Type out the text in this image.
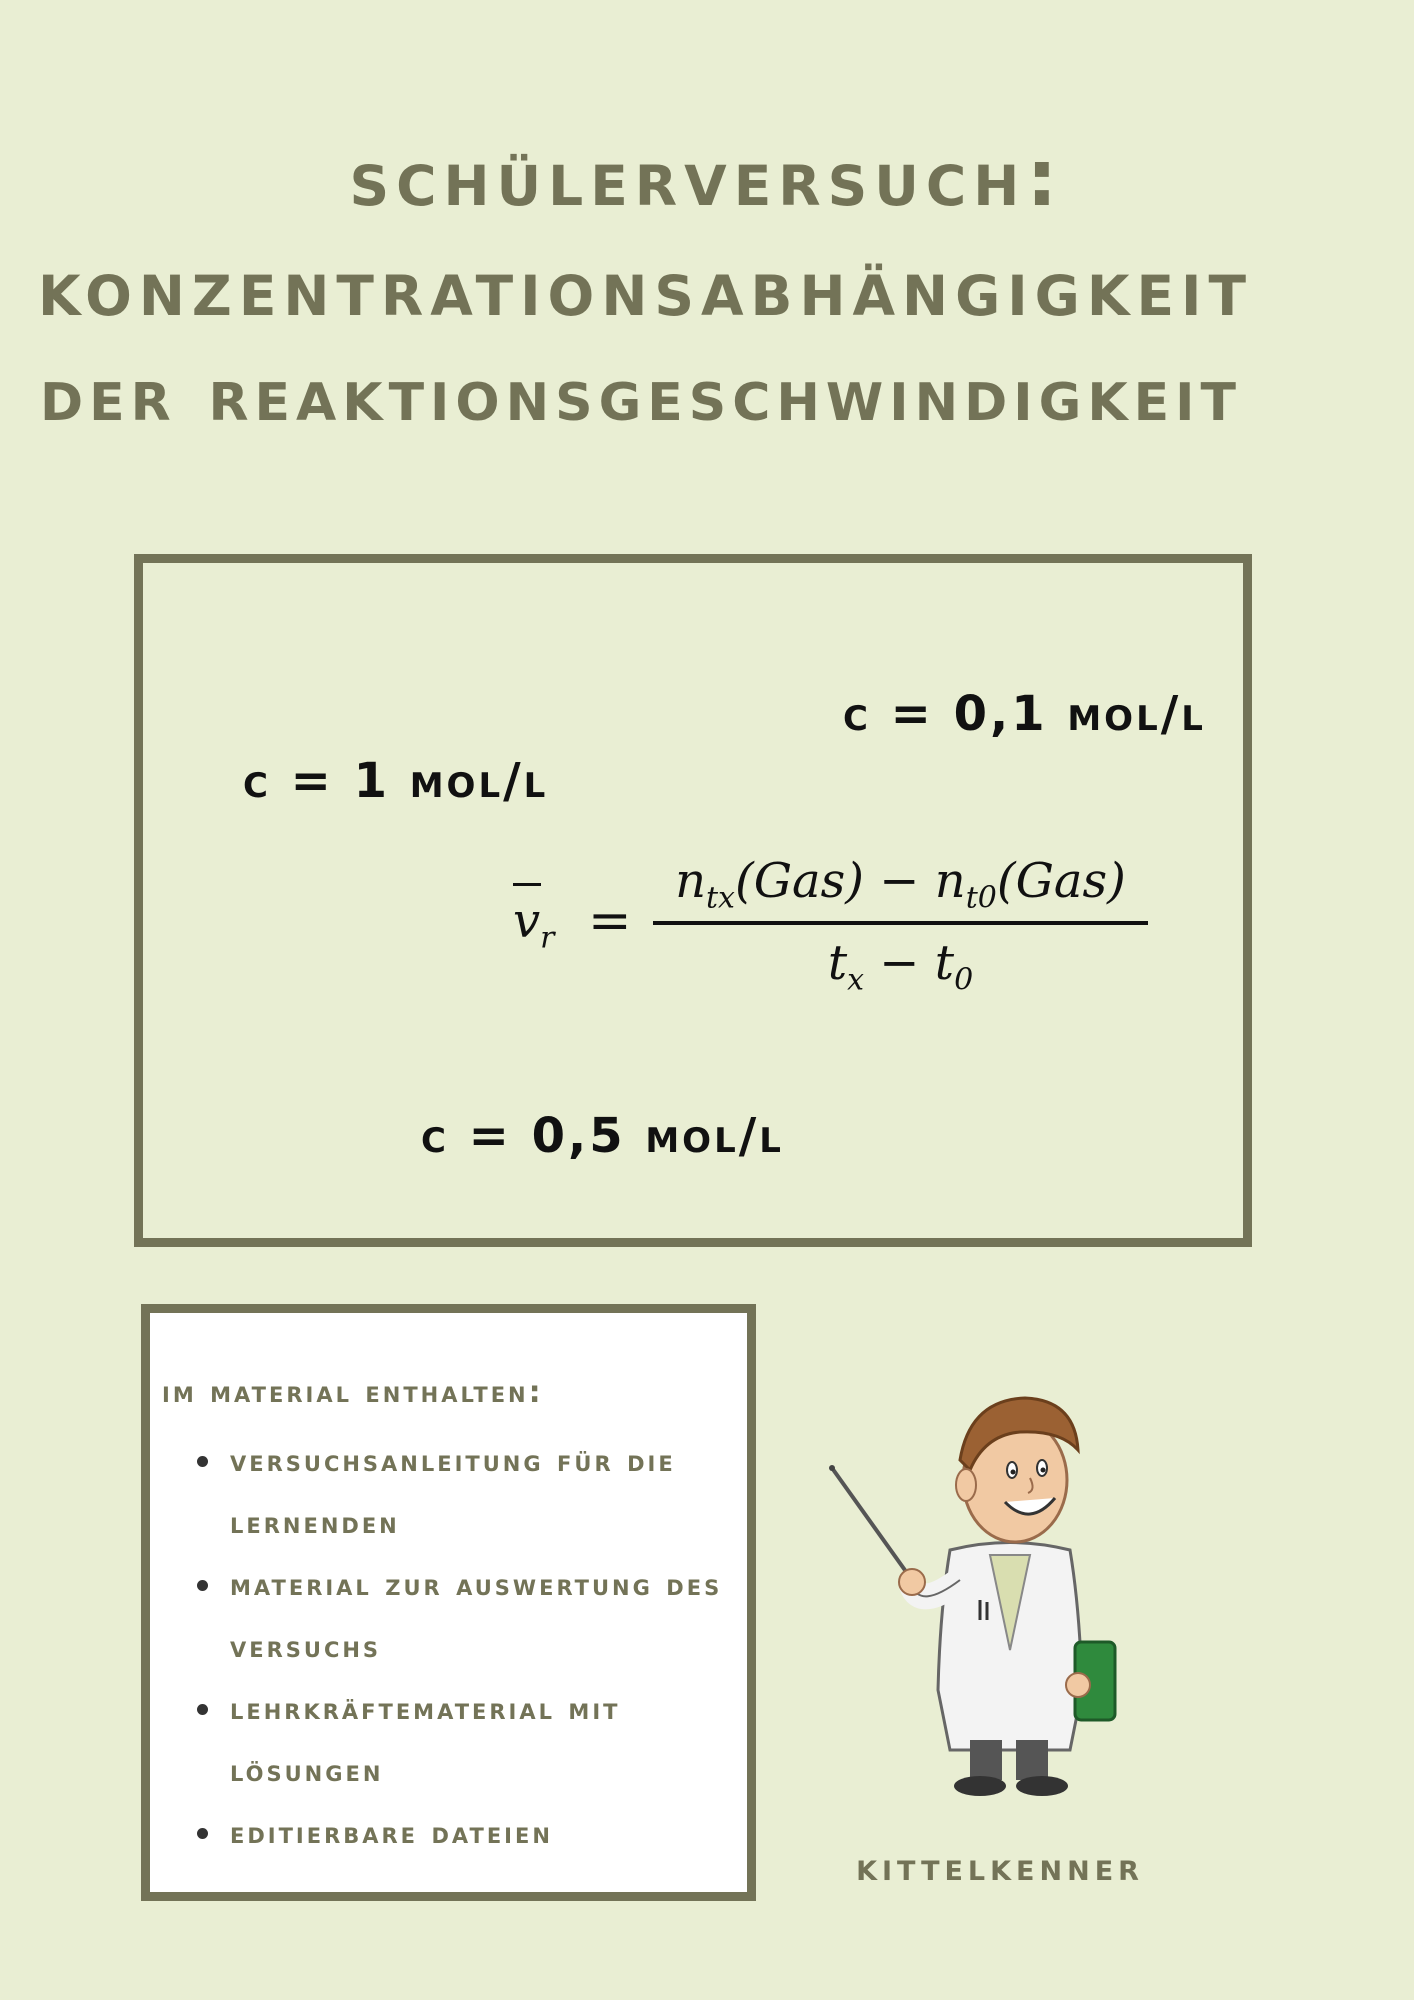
schülerversuch:
konzentrationsabhängigkeit
der reaktionsgeschwindigkeit
c = 1 mol/l
c = 0,1 mol/l
c = 0,5 mol/l
$v_r$ =
$n_{tx}(Gas) - n_{t0}(Gas)$
$t_x - t_0$
im material enthalten:
versuchsanleitung für die lernenden
material zur auswertung des versuchs
lehrkräftematerial mit lösungen
editierbare dateien
kittelkenner
